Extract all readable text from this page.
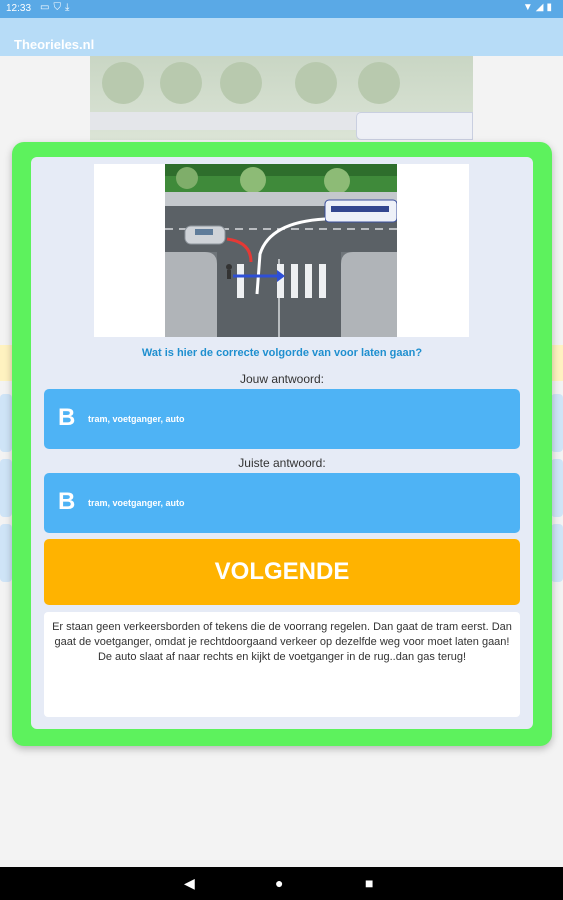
12:33 ▭⛉⤓	▼◢▮
Theorieles.nl
Wat is hier de correcte volgorde van voor laten gaan?
Jouw antwoord:
B tram, voetganger, auto
Juiste antwoord:
B tram, voetganger, auto
VOLGENDE
Er staan geen verkeersborden of tekens die de voorrang regelen. Dan gaat de tram eerst. Dan gaat de voetganger, omdat je rechtdoorgaand verkeer op dezelfde weg voor moet laten gaan! De auto slaat af naar rechts en kijkt de voetganger in de rug..dan gas terug!
◀	●	■
